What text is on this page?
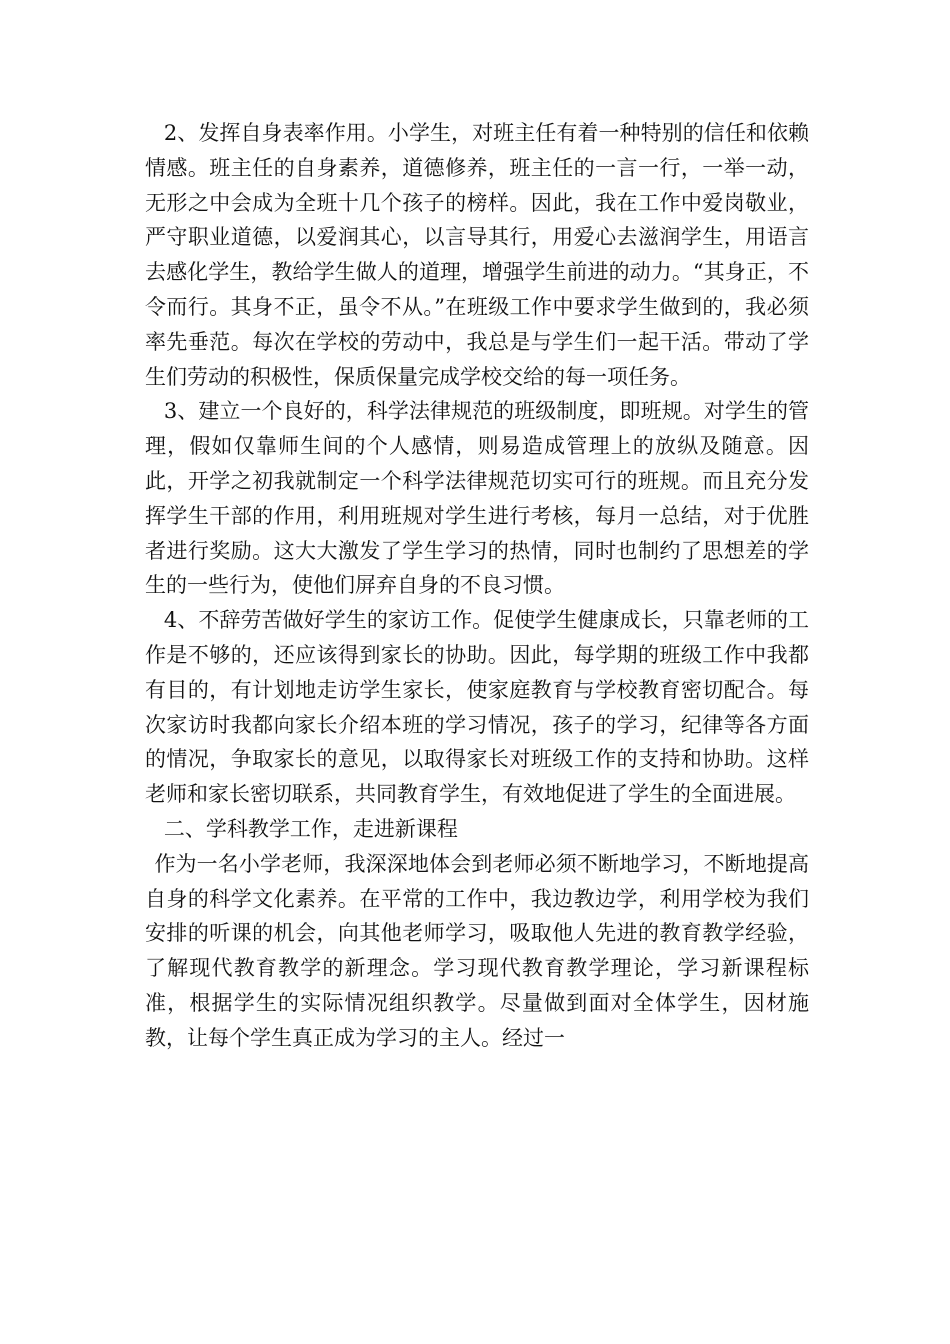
2、发挥自身表率作用。小学生，对班主任有着一种特别的信任和依赖情感。班主任的自身素养，道德修养，班主任的一言一行，一举一动，无形之中会成为全班十几个孩子的榜样。因此，我在工作中爱岗敬业，严守职业道德，以爱润其心，以言导其行，用爱心去滋润学生，用语言去感化学生，教给学生做人的道理，增强学生前进的动力。“其身正，不令而行。其身不正，虽令不从。”在班级工作中要求学生做到的，我必须率先垂范。每次在学校的劳动中，我总是与学生们一起干活。带动了学生们劳动的积极性，保质保量完成学校交给的每一项任务。

3、建立一个良好的，科学法律规范的班级制度，即班规。对学生的管理，假如仅靠师生间的个人感情，则易造成管理上的放纵及随意。因此，开学之初我就制定一个科学法律规范切实可行的班规。而且充分发挥学生干部的作用，利用班规对学生进行考核，每月一总结，对于优胜者进行奖励。这大大激发了学生学习的热情，同时也制约了思想差的学生的一些行为，使他们屏弃自身的不良习惯。

4、不辞劳苦做好学生的家访工作。促使学生健康成长，只靠老师的工作是不够的，还应该得到家长的协助。因此，每学期的班级工作中我都有目的，有计划地走访学生家长，使家庭教育与学校教育密切配合。每次家访时我都向家长介绍本班的学习情况，孩子的学习，纪律等各方面的情况，争取家长的意见，以取得家长对班级工作的支持和协助。这样老师和家长密切联系，共同教育学生，有效地促进了学生的全面进展。

二、学科教学工作，走进新课程

作为一名小学老师，我深深地体会到老师必须不断地学习，不断地提高自身的科学文化素养。在平常的工作中，我边教边学，利用学校为我们安排的听课的机会，向其他老师学习，吸取他人先进的教育教学经验，了解现代教育教学的新理念。学习现代教育教学理论，学习新课程标准，根据学生的实际情况组织教学。尽量做到面对全体学生，因材施教，让每个学生真正成为学习的主人。经过一
